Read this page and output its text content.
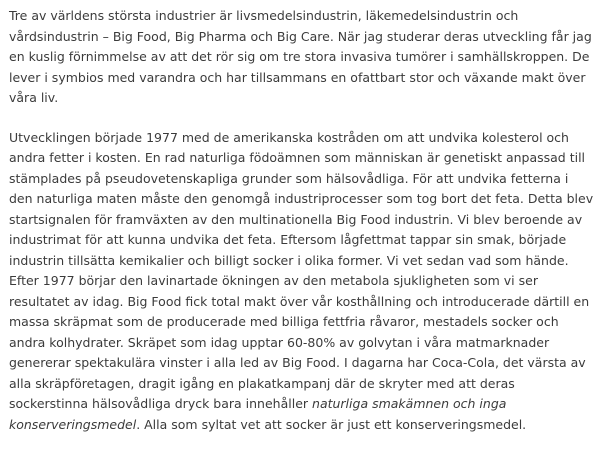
Tre av världens största industrier är livsmedelsindustrin, läkemedelsindustrin och vårdsindustrin – Big Food, Big Pharma och Big Care. När jag studerar deras utveckling får jag en kuslig förnimmelse av att det rör sig om tre stora invasiva tumörer i samhällskroppen. De lever i symbios med varandra och har tillsammans en ofattbart stor och växande makt över våra liv.

Utvecklingen började 1977 med de amerikanska kostråden om att undvika kolesterol och andra fetter i kosten. En rad naturliga födoämnen som människan är genetiskt anpassad till stämplades på pseudovetenskapliga grunder som hälsovådliga. För att undvika fetterna i den naturliga maten måste den genomgå industriprocesser som tog bort det feta. Detta blev startsignalen för framväxten av den multinationella Big Food industrin. Vi blev beroende av industrimat för att kunna undvika det feta. Eftersom lågfettmat tappar sin smak, började industrin tillsätta kemikalier och billigt socker i olika former. Vi vet sedan vad som hände. Efter 1977 börjar den lavinartade ökningen av den metabola sjukligheten som vi ser resultatet av idag. Big Food fick total makt över vår kosthållning och introducerade därtill en massa skräpmat som de producerade med billiga fettfria råvaror, mestadels socker och andra kolhydrater. Skräpet som idag upptar 60-80% av golvytan i våra matmarknader genererar spektakulära vinster i alla led av Big Food. I dagarna har Coca-Cola, det värsta av alla skräpföretagen, dragit igång en plakatkampanj där de skryter med att deras sockerstinna hälsovådliga dryck bara innehåller naturliga smakämnen och inga konserveringsmedel. Alla som syltat vet att socker är just ett konserveringsmedel.
